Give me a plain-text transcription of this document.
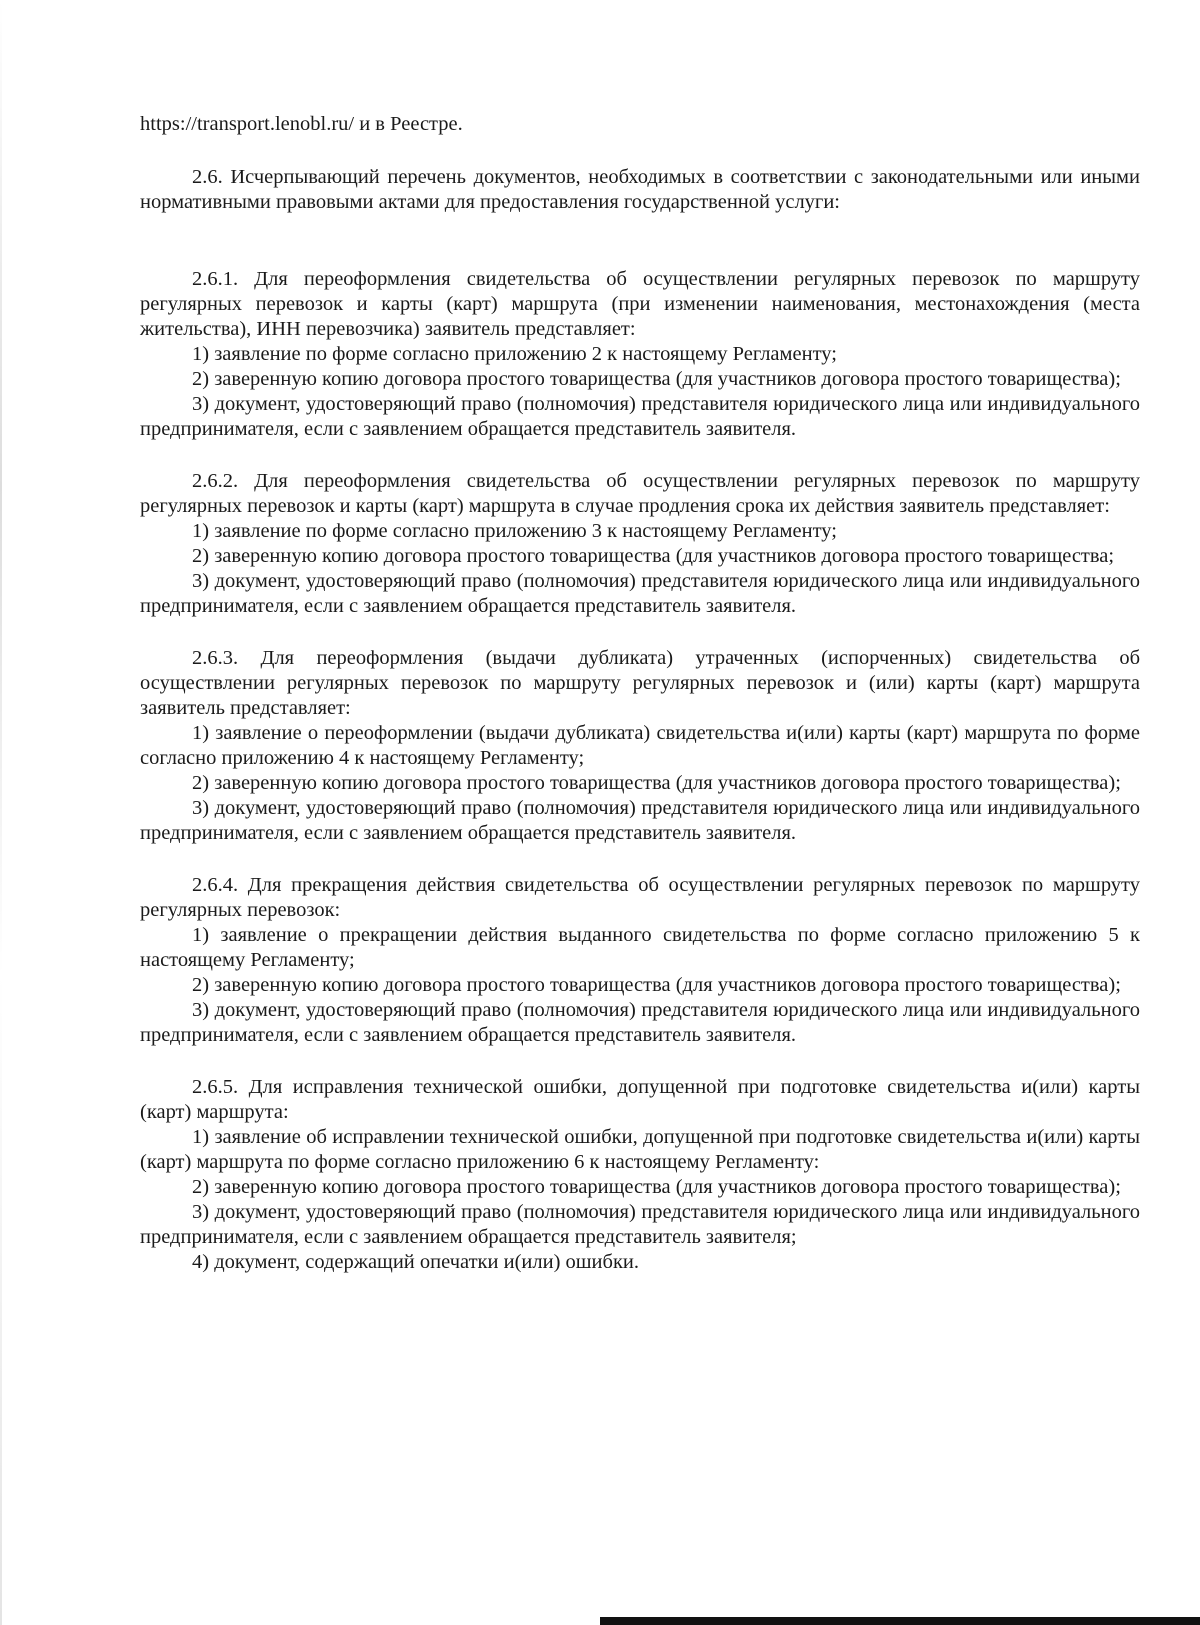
https://transport.lenobl.ru/ и в Реестре.

2.6. Исчерпывающий перечень документов, необходимых в соответствии с законодательными или иными нормативными правовыми актами для предоставления государственной услуги:

2.6.1. Для переоформления свидетельства об осуществлении регулярных перевозок по маршруту регулярных перевозок и карты (карт) маршрута (при изменении наименования, местонахождения (места жительства), ИНН перевозчика) заявитель представляет:

1) заявление по форме согласно приложению 2 к настоящему Регламенту;

2) заверенную копию договора простого товарищества (для участников договора простого товарищества);

3) документ, удостоверяющий право (полномочия) представителя юридического лица или индивидуального предпринимателя, если с заявлением обращается представитель заявителя.

2.6.2. Для переоформления свидетельства об осуществлении регулярных перевозок по маршруту регулярных перевозок и карты (карт) маршрута в случае продления срока их действия заявитель представляет:

1) заявление по форме согласно приложению 3 к настоящему Регламенту;

2) заверенную копию договора простого товарищества (для участников договора простого товарищества;

3) документ, удостоверяющий право (полномочия) представителя юридического лица или индивидуального предпринимателя, если с заявлением обращается представитель заявителя.

2.6.3. Для переоформления (выдачи дубликата) утраченных (испорченных) свидетельства об осуществлении регулярных перевозок по маршруту регулярных перевозок и (или) карты (карт) маршрута заявитель представляет:

1) заявление о переоформлении (выдачи дубликата) свидетельства и(или) карты (карт) маршрута по форме согласно приложению 4 к настоящему Регламенту;

2) заверенную копию договора простого товарищества (для участников договора простого товарищества);

3) документ, удостоверяющий право (полномочия) представителя юридического лица или индивидуального предпринимателя, если с заявлением обращается представитель заявителя.

2.6.4. Для прекращения действия свидетельства об осуществлении регулярных перевозок по маршруту регулярных перевозок:

1) заявление о прекращении действия выданного свидетельства по форме согласно приложению 5 к настоящему Регламенту;

2) заверенную копию договора простого товарищества (для участников договора простого товарищества);

3) документ, удостоверяющий право (полномочия) представителя юридического лица или индивидуального предпринимателя, если с заявлением обращается представитель заявителя.

2.6.5. Для исправления технической ошибки, допущенной при подготовке свидетельства и(или) карты (карт) маршрута:

1) заявление об исправлении технической ошибки, допущенной при подготовке свидетельства и(или) карты (карт) маршрута по форме согласно приложению 6 к настоящему Регламенту:

2) заверенную копию договора простого товарищества (для участников договора простого товарищества);

3) документ, удостоверяющий право (полномочия) представителя юридического лица или индивидуального предпринимателя, если с заявлением обращается представитель заявителя;

4) документ, содержащий опечатки и(или) ошибки.
